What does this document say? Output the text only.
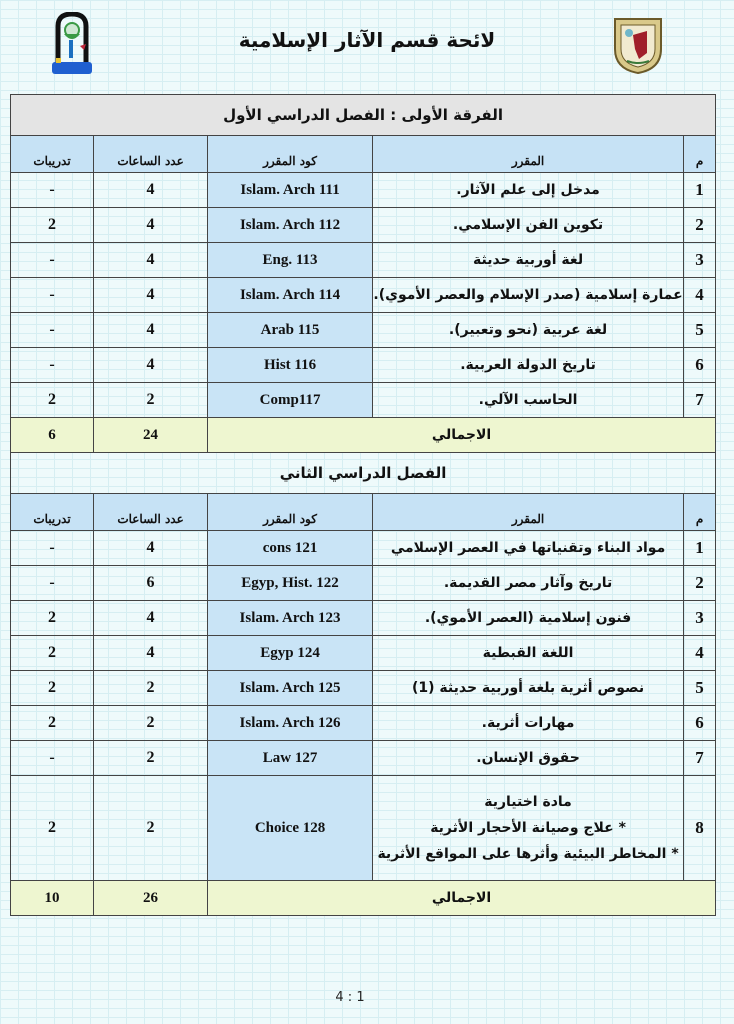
لائحة قسم الآثار الإسلامية
الفرقة الأولى : الفصل الدراسي الأول				
م	المقرر	كود المقرر	عدد الساعات	تدريبات
1	مدخل إلى علم الآثار.	Islam. Arch 111	4	-
2	تكوين الفن الإسلامي.	Islam. Arch 112	4	2
3	لغة أوربية حديثة	Eng. 113	4	-
4	عمارة إسلامية (صدر الإسلام والعصر الأموي).	Islam. Arch 114	4	-
5	لغة عربية (نحو وتعبير).	Arab 115	4	-
6	تاريخ الدولة العربية.	Hist 116	4	-
7	الحاسب الآلي.	Comp117	2	2
الاجمالي			24	6
الفصل الدراسي الثاني				
م	المقرر	كود المقرر	عدد الساعات	تدريبات
1	مواد البناء وتقنياتها في العصر الإسلامي	cons 121	4	-
2	تاريخ وآثار مصر القديمة.	Egyp, Hist. 122	6	-
3	فنون إسلامية (العصر الأموي).	Islam. Arch 123	4	2
4	اللغة القبطية	Egyp 124	4	2
5	نصوص أثرية بلغة أوربية حديثة (1)	Islam. Arch 125	2	2
6	مهارات أثرية.	Islam. Arch 126	2	2
7	حقوق الإنسان.	Law 127	2	-
8	مادة اختيارية
* علاج وصيانة الأحجار الأثرية
* المخاطر البيئية وأثرها على المواقع الأثرية	Choice 128	2	2
الاجمالي			26	10
4 : 1
